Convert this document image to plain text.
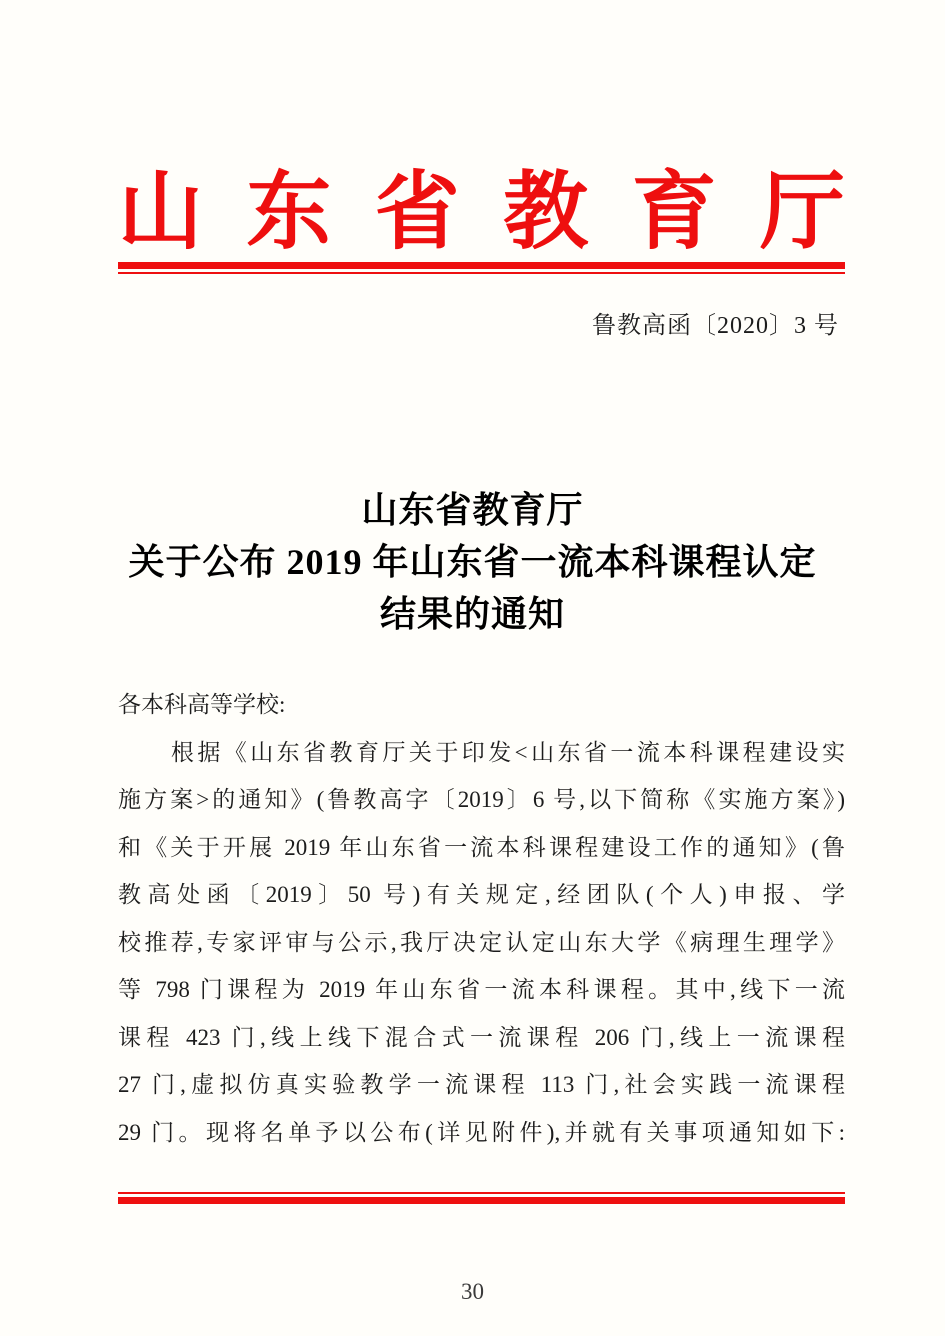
山东省教育厅
鲁教高函〔2020〕3 号
山东省教育厅
关于公布 2019 年山东省一流本科课程认定
结果的通知
各本科高等学校:
　　根据《山东省教育厅关于印发<山东省一流本科课程建设实
施方案>的通知》(鲁教高字〔2019〕6 号,以下简称《实施方案》)
和《关于开展 2019 年山东省一流本科课程建设工作的通知》(鲁
教高处函〔2019〕50 号)有关规定,经团队(个人)申报、学
校推荐,专家评审与公示,我厅决定认定山东大学《病理生理学》
等 798 门课程为 2019 年山东省一流本科课程。其中,线下一流
课程 423 门,线上线下混合式一流课程 206 门,线上一流课程
27 门,虚拟仿真实验教学一流课程 113 门,社会实践一流课程
29 门。现将名单予以公布(详见附件),并就有关事项通知如下:
30
